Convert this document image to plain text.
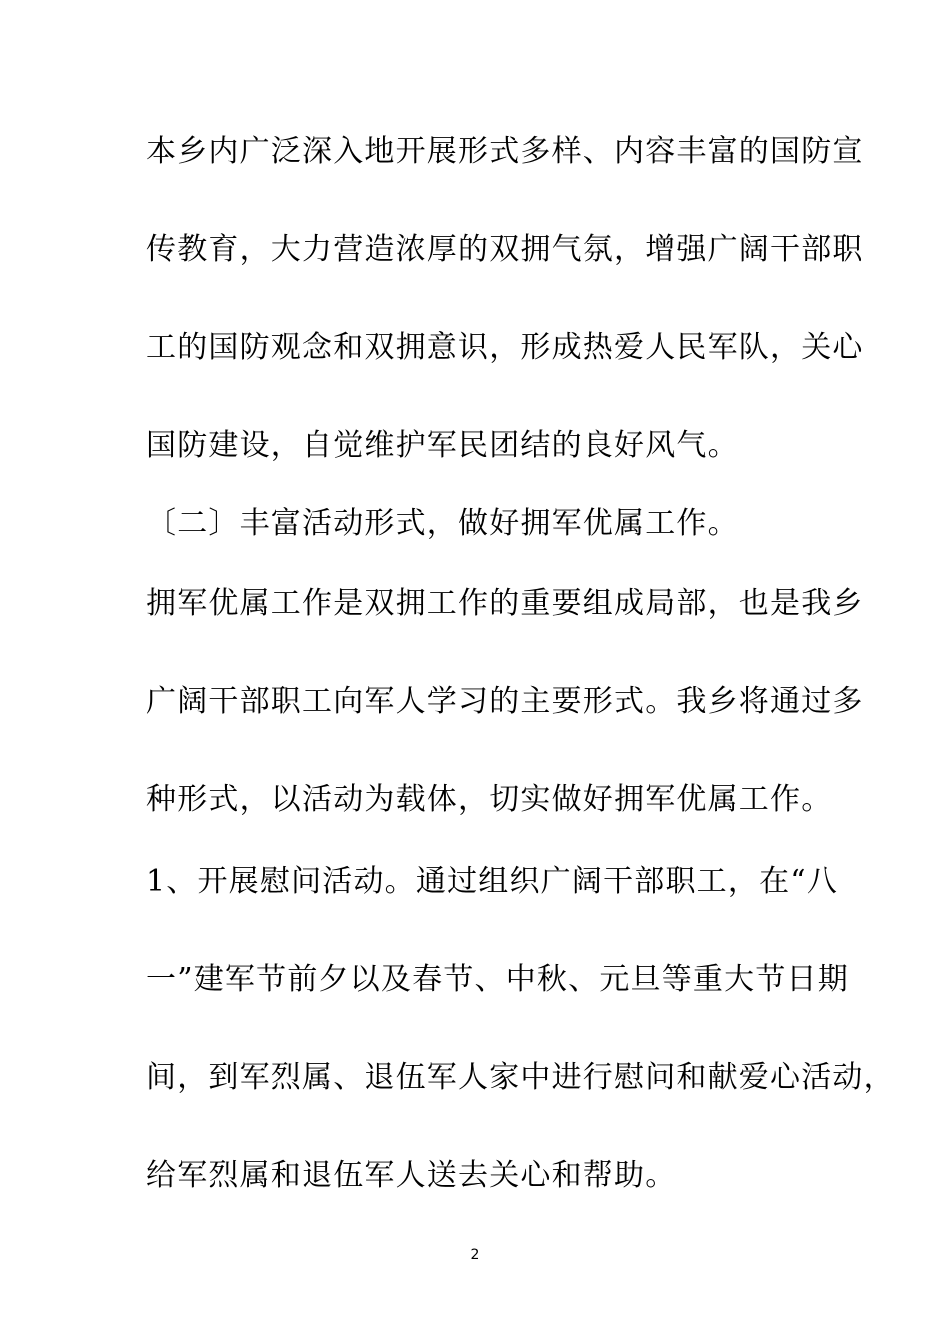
本乡内广泛深入地开展形式多样、内容丰富的国防宣
传教育，大力营造浓厚的双拥气氛，增强广阔干部职
工的国防观念和双拥意识，形成热爱人民军队，关心
国防建设，自觉维护军民团结的良好风气。
〔二〕丰富活动形式，做好拥军优属工作。
拥军优属工作是双拥工作的重要组成局部，也是我乡
广阔干部职工向军人学习的主要形式。我乡将通过多
种形式，以活动为载体，切实做好拥军优属工作。
1、开展慰问活动。通过组织广阔干部职工，在“八
一”建军节前夕以及春节、中秋、元旦等重大节日期
间，到军烈属、退伍军人家中进行慰问和献爱心活动，
给军烈属和退伍军人送去关心和帮助。
2
